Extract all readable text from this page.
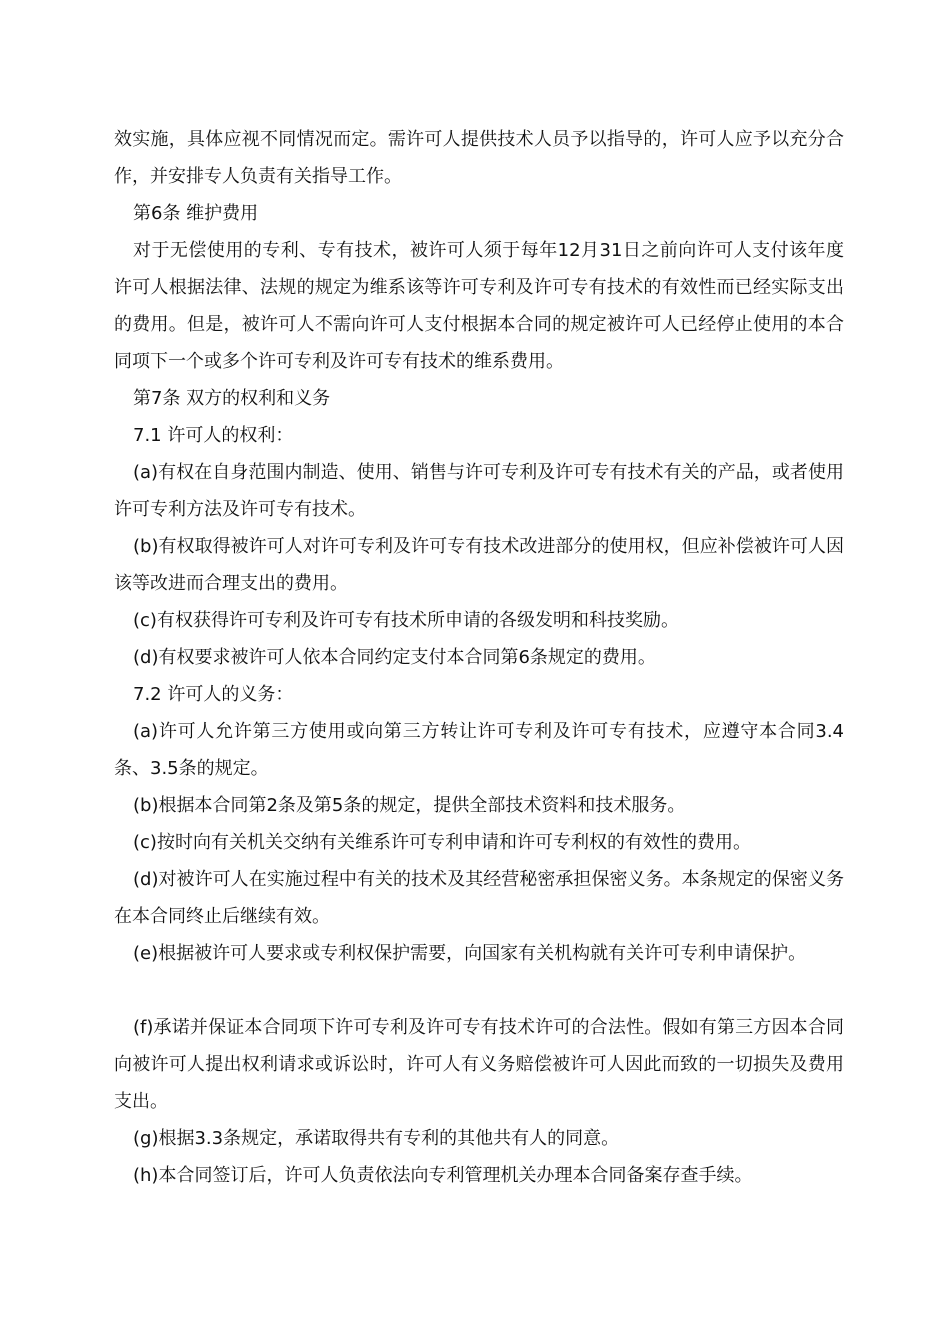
效实施，具体应视不同情况而定。需许可人提供技术人员予以指导的，许可人应予以充分合作，并安排专人负责有关指导工作。

第6条 维护费用

对于无偿使用的专利、专有技术，被许可人须于每年12月31日之前向许可人支付该年度许可人根据法律、法规的规定为维系该等许可专利及许可专有技术的有效性而已经实际支出的费用。但是，被许可人不需向许可人支付根据本合同的规定被许可人已经停止使用的本合同项下一个或多个许可专利及许可专有技术的维系费用。

第7条 双方的权利和义务

7.1 许可人的权利：

(a)有权在自身范围内制造、使用、销售与许可专利及许可专有技术有关的产品，或者使用许可专利方法及许可专有技术。

(b)有权取得被许可人对许可专利及许可专有技术改进部分的使用权，但应补偿被许可人因该等改进而合理支出的费用。

(c)有权获得许可专利及许可专有技术所申请的各级发明和科技奖励。

(d)有权要求被许可人依本合同约定支付本合同第6条规定的费用。

7.2 许可人的义务：

(a)许可人允许第三方使用或向第三方转让许可专利及许可专有技术，应遵守本合同3.4条、3.5条的规定。

(b)根据本合同第2条及第5条的规定，提供全部技术资料和技术服务。

(c)按时向有关机关交纳有关维系许可专利申请和许可专利权的有效性的费用。

(d)对被许可人在实施过程中有关的技术及其经营秘密承担保密义务。本条规定的保密义务在本合同终止后继续有效。

(e)根据被许可人要求或专利权保护需要，向国家有关机构就有关许可专利申请保护。

(f)承诺并保证本合同项下许可专利及许可专有技术许可的合法性。假如有第三方因本合同向被许可人提出权利请求或诉讼时，许可人有义务赔偿被许可人因此而致的一切损失及费用支出。

(g)根据3.3条规定，承诺取得共有专利的其他共有人的同意。

(h)本合同签订后，许可人负责依法向专利管理机关办理本合同备案存查手续。
